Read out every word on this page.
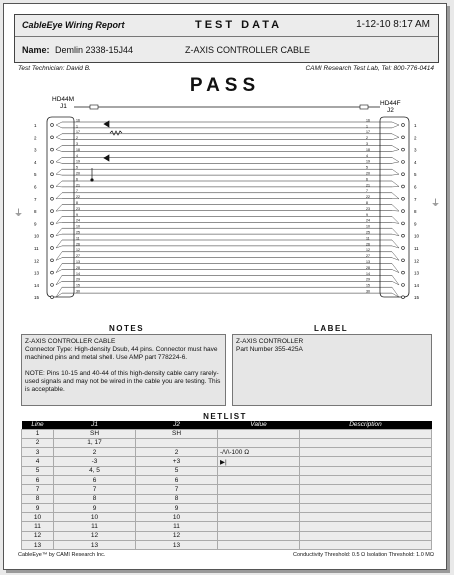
CableEye Wiring Report	TEST DATA	1-12-10 8:17 AM
Name: Demlin 2338-15J44	Z-AXIS CONTROLLER CABLE
Test Technician: David B.	CAMI Research Test Lab, Tel: 800-776-0414
PASS
HD44M
J1	HD44F
J2
⏚
⏚
1	1
2	2
3	3
4	4
5	5
6	6
7	7
8	8
9	9
10	10
11	11
12	12
13	13
14	14
15	15
16	16
1	1
17	17
2	2
3	3
18	18
4	4
19	19
5	5
20	20
6	6
21	21
7	7
22	22
8	8
23	23
9	9
24	24
10	10
25	25
11	11
26	26
12	12
27	27
13	13
28	28
14	14
29	29
15	15
30	30
NOTES
Z-AXIS CONTROLLER CABLE

Connector Type: High-density Dsub, 44 pins. Connector must have machined pins and metal shell. Use AMP part 778224-6.

NOTE: Pins 10-15 and 40-44 of this high-density cable carry rarely-used signals and may not be wired in the cable you are testing. This is acceptable.
LABEL
Z-AXIS CONTROLLER
Part Number 355-425A
NETLIST
Line	J1	J2	Value	Description
1	SH	SH		
2	1, 17			
3	2	2	-/\/\-100 Ω	
4	-3	+3	▶|	
5	4, 5	5		
6	6	6		
7	7	7		
8	8	8		
9	9	9		
10	10	10		
11	11	11		
12	12	12		
13	13	13		
CableEye™ by CAMI Research Inc.	Conductivity Threshold: 0.5 Ω Isolation Threshold: 1.0 MΩ
